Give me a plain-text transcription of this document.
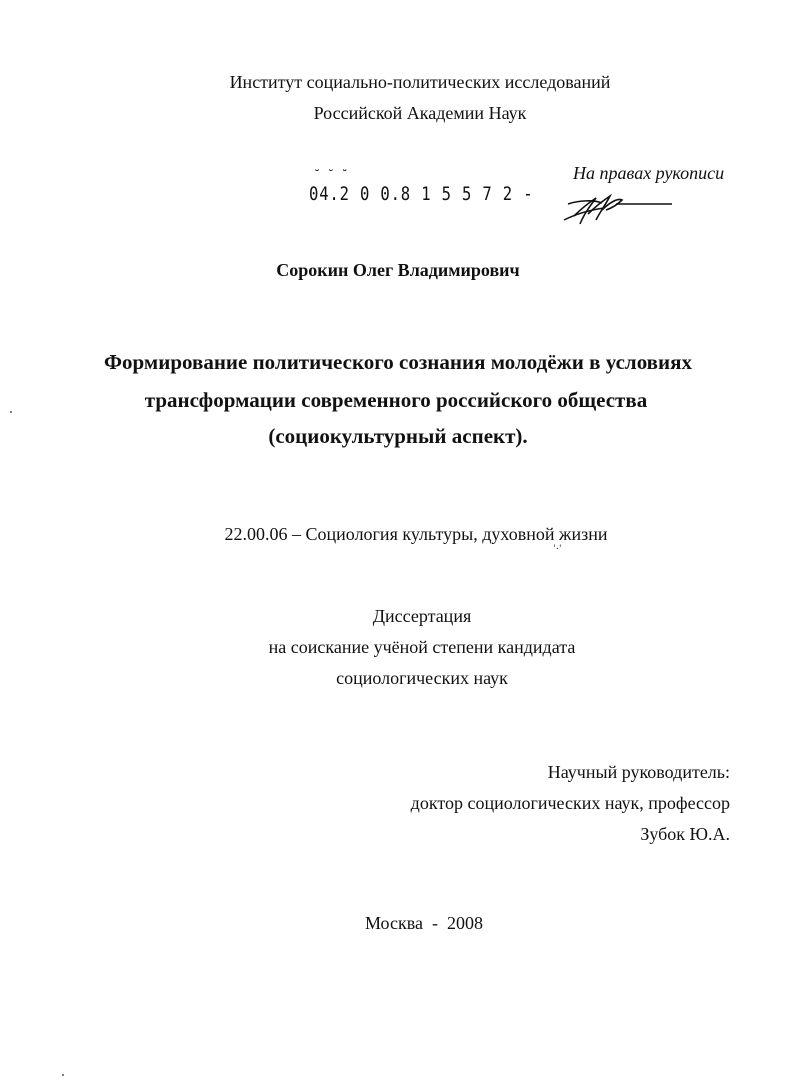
Институт социально-политических исследований
Российской Академии Наук
˘ ˘ ˘
04.2 0 0.8 1 5 5 7 2 -
На правах рукописи
Сорокин Олег Владимирович
Формирование политического сознания молодёжи в условиях
трансформации современного российского общества
(социокультурный аспект).
22.00.06 – Социология культуры, духовной жизни
ˈ·ˈ
Диссертация
на соискание учёной степени кандидата
социологических наук
Научный руководитель:
доктор социологических наук, профессор
Зубок Ю.А.
Москва  -  2008
